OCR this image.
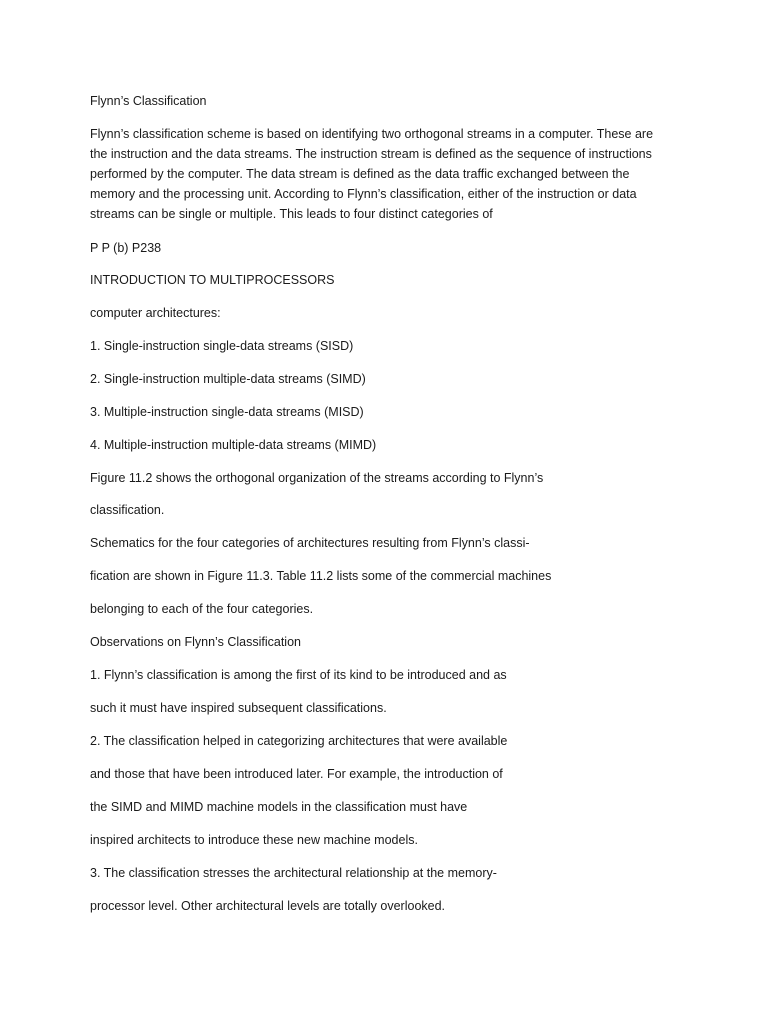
Flynn’s Classification

Flynn’s classification scheme is based on identifying two orthogonal streams in a computer. These are
the instruction and the data streams. The instruction stream is defined as the sequence of instructions
performed by the computer. The data stream is defined as the data traffic exchanged between the
memory and the processing unit. According to Flynn’s classification, either of the instruction or data
streams can be single or multiple. This leads to four distinct categories of

P P (b) P238

INTRODUCTION TO MULTIPROCESSORS

computer architectures:

1. Single-instruction single-data streams (SISD)

2. Single-instruction multiple-data streams (SIMD)

3. Multiple-instruction single-data streams (MISD)

4. Multiple-instruction multiple-data streams (MIMD)

Figure 11.2 shows the orthogonal organization of the streams according to Flynn’s

classification.

Schematics for the four categories of architectures resulting from Flynn’s classi-

fication are shown in Figure 11.3. Table 11.2 lists some of the commercial machines

belonging to each of the four categories.

Observations on Flynn’s Classification

1. Flynn’s classification is among the first of its kind to be introduced and as

such it must have inspired subsequent classifications.

2. The classification helped in categorizing architectures that were available

and those that have been introduced later. For example, the introduction of

the SIMD and MIMD machine models in the classification must have

inspired architects to introduce these new machine models.

3. The classification stresses the architectural relationship at the memory-

processor level. Other architectural levels are totally overlooked.
